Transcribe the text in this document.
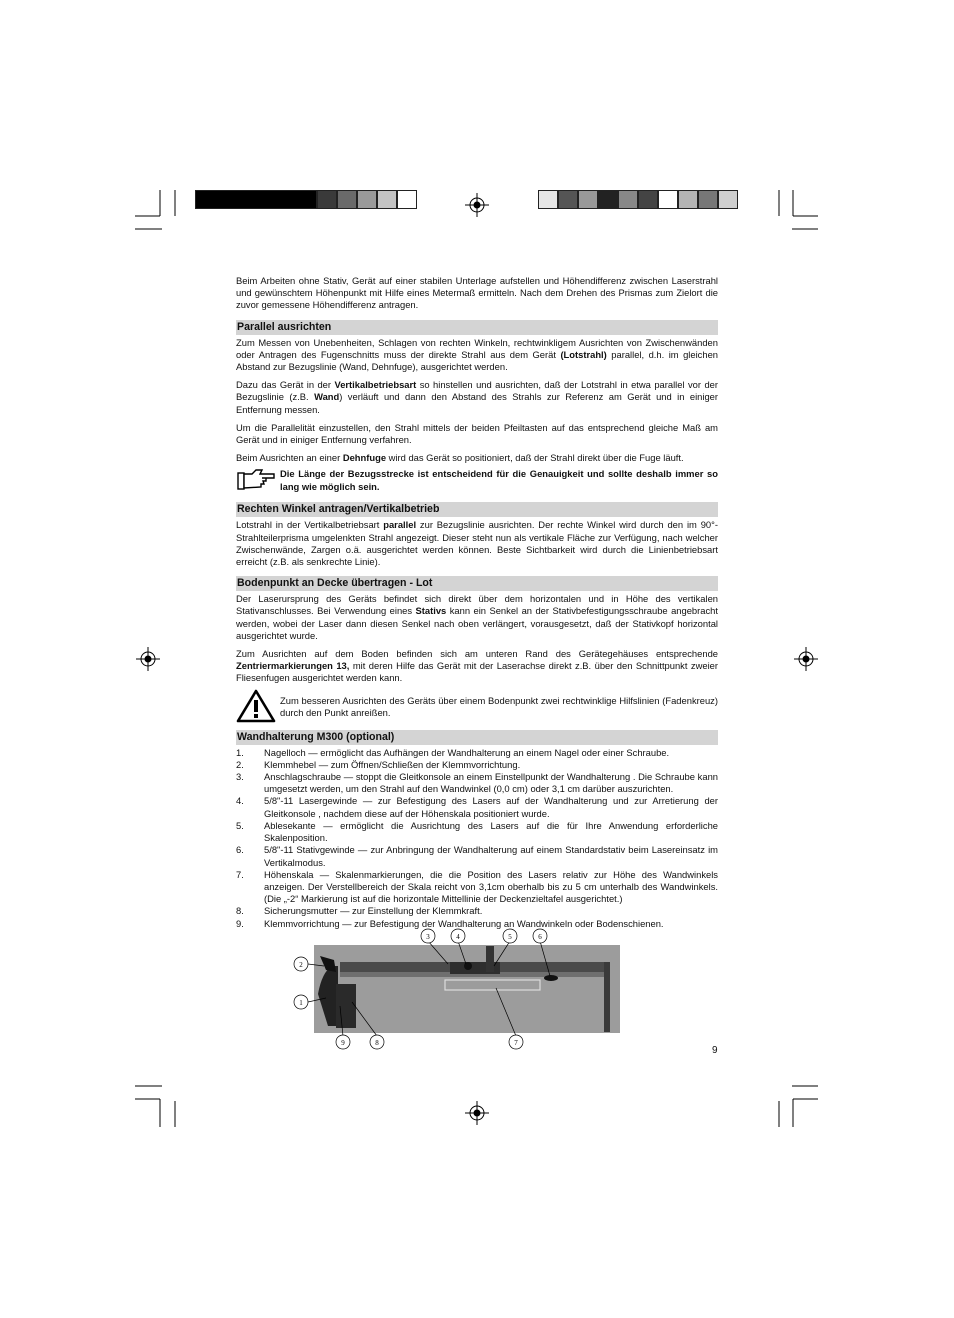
Beim Arbeiten ohne Stativ, Gerät auf einer stabilen Unterlage aufstellen und Höhendifferenz zwischen Laserstrahl und gewünschtem Höhenpunkt mit Hilfe eines Metermaß ermitteln. Nach dem Drehen des Prismas zum Zielort die zuvor gemessene Höhendifferenz antragen.

Parallel ausrichten

Zum Messen von Unebenheiten, Schlagen von rechten Winkeln, rechtwinkligem Ausrichten von Zwischenwänden oder Antragen des Fugenschnitts muss der direkte Strahl aus dem Gerät (Lotstrahl) parallel, d.h. im gleichen Abstand zur Bezugslinie (Wand, Dehnfuge), ausgerichtet werden.

Dazu das Gerät in der Vertikalbetriebsart so hinstellen und ausrichten, daß der Lotstrahl in etwa parallel vor der Bezugslinie (z.B. Wand) verläuft und dann den Abstand des Strahls zur Referenz am Gerät und in einiger Entfernung messen.

Um die Parallelität einzustellen, den Strahl mittels der beiden Pfeiltasten auf das entsprechend gleiche Maß am Gerät und in einiger Entfernung verfahren.

Beim Ausrichten an einer Dehnfuge wird das Gerät so positioniert, daß der Strahl direkt über die Fuge läuft.

Die Länge der Bezugsstrecke ist entscheidend für die Genauigkeit und sollte deshalb immer so lang wie möglich sein.

Rechten Winkel antragen/Vertikalbetrieb

Lotstrahl in der Vertikalbetriebsart parallel zur Bezugslinie ausrichten. Der rechte Winkel wird durch den im 90°-Strahlteilerprisma umgelenkten Strahl angezeigt. Dieser steht nun als vertikale Fläche zur Verfügung, nach welcher Zwischenwände, Zargen o.ä. ausgerichtet werden können. Beste Sichtbarkeit wird durch die Linienbetriebsart erreicht (z.B. als senkrechte Linie).

Bodenpunkt an Decke übertragen - Lot

Der Laserursprung des Geräts befindet sich direkt über dem horizontalen und in Höhe des vertikalen Stativanschlusses. Bei Verwendung eines Stativs kann ein Senkel an der Stativbefestigungsschraube angebracht werden, wobei der Laser dann diesen Senkel nach oben verlängert, vorausgesetzt, daß der Stativkopf horizontal ausgerichtet wurde.

Zum Ausrichten auf dem Boden befinden sich am unteren Rand des Gerätegehäuses entsprechende Zentriermarkierungen 13, mit deren Hilfe das Gerät mit der Laserachse direkt z.B. über den Schnittpunkt zweier Fliesenfugen ausgerichtet werden kann.

Zum besseren Ausrichten des Geräts über einem Bodenpunkt zwei rechtwinklige Hilfslinien (Fadenkreuz) durch den Punkt anreißen.

Wandhalterung M300 (optional)
1.	Nagelloch — ermöglicht das Aufhängen der Wandhalterung an einem Nagel oder einer Schraube.
2.	Klemmhebel — zum Öffnen/Schließen der Klemmvorrichtung.
3.	Anschlagschraube — stoppt die Gleitkonsole an einem Einstellpunkt der Wandhalterung . Die Schraube kann umgesetzt werden, um den Strahl auf den Wandwinkel (0,0 cm) oder 3,1 cm darüber auszurichten.
4.	5/8"-11 Lasergewinde — zur Befestigung des Lasers auf der Wandhalterung und zur Arretierung der Gleitkonsole , nachdem diese auf der Höhenskala positioniert wurde.
5.	Ablesekante — ermöglicht die Ausrichtung des Lasers auf die für Ihre Anwendung erforderliche Skalenposition.
6.	5/8"-11 Stativgewinde — zur Anbringung der Wandhalterung auf einem Standardstativ beim Lasereinsatz im Vertikalmodus.
7.	Höhenskala — Skalenmarkierungen, die die Position des Lasers relativ zur Höhe des Wandwinkels anzeigen. Der Verstellbereich der Skala reicht von 3,1cm oberhalb bis zu 5 cm unterhalb des Wandwinkels. (Die „-2“ Markierung ist auf die horizontale Mittellinie der Deckenzieltafel ausgerichtet.)
8.	Sicherungsmutter — zur Einstellung der Klemmkraft.
9.	Klemmvorrichtung — zur Befestigung der Wandhalterung an Wandwinkeln oder Bodenschienen.
1
2
3	4	5	6
7
8
9
9
